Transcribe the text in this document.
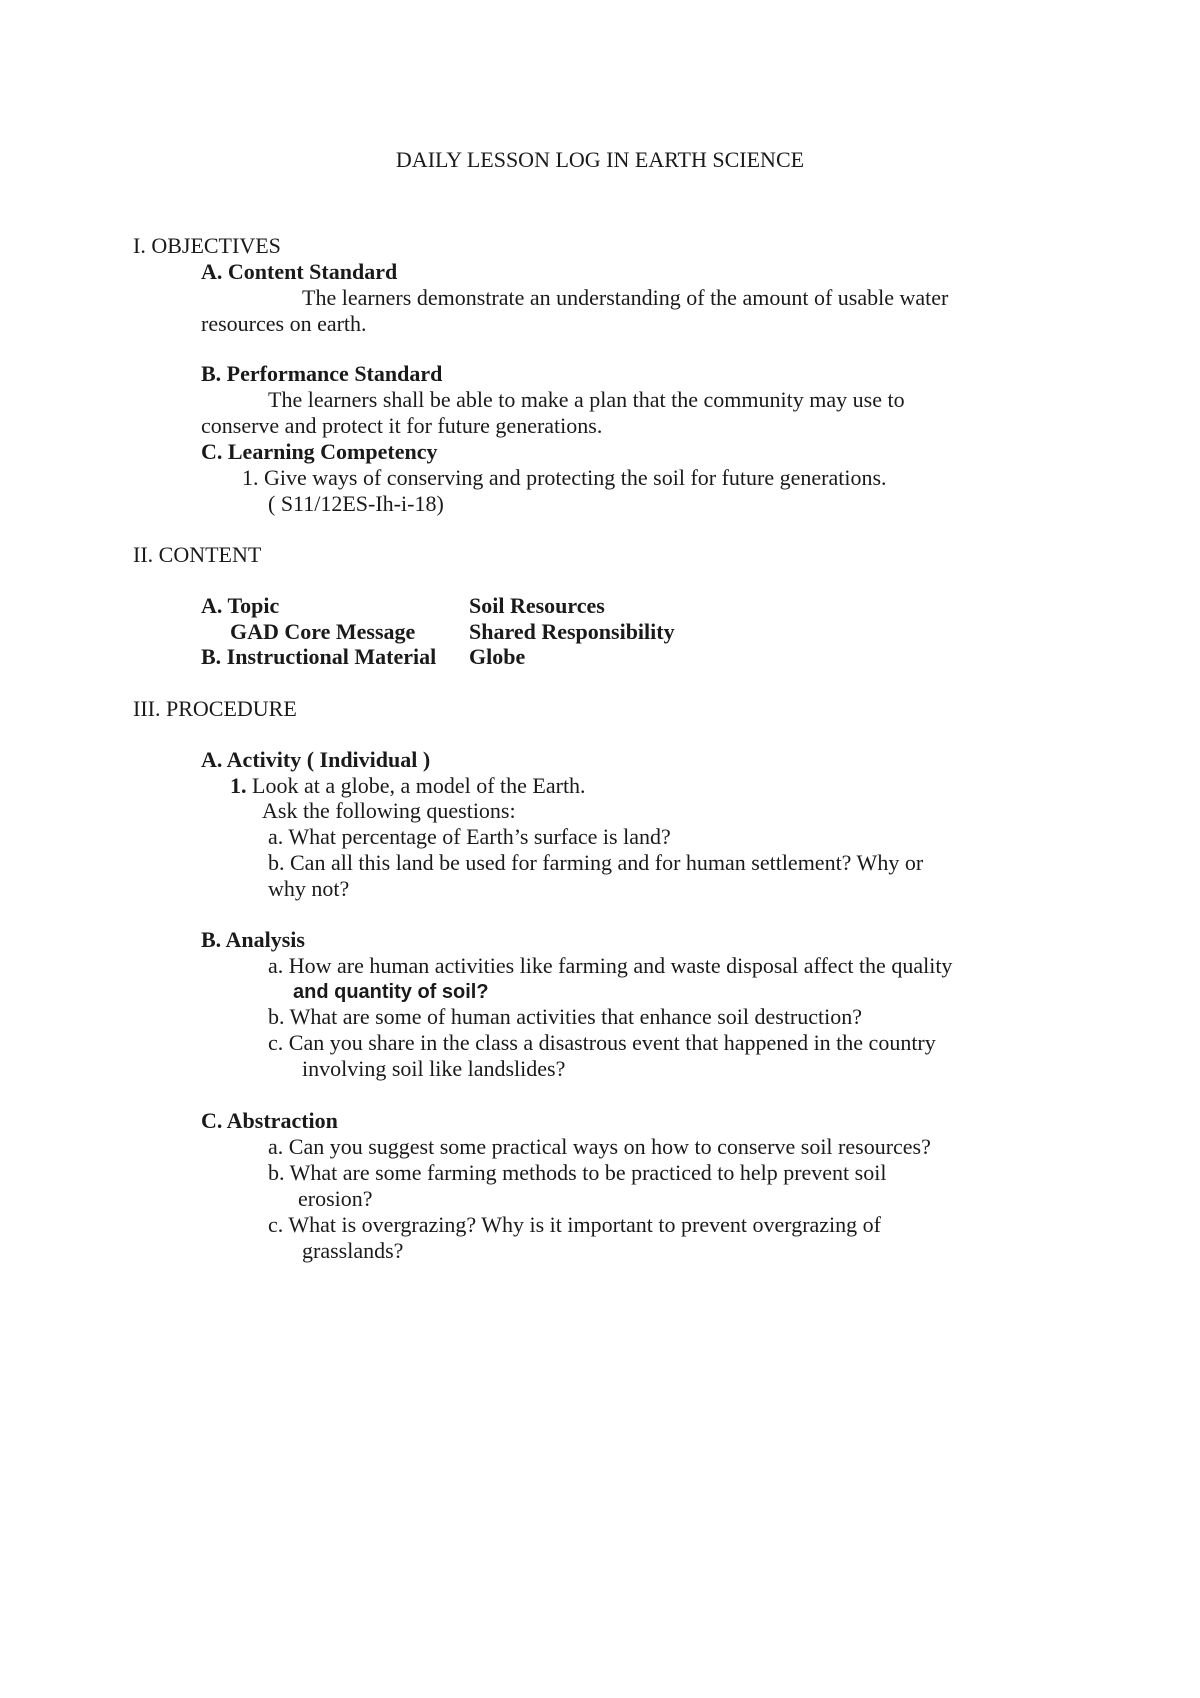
DAILY LESSON LOG IN EARTH SCIENCE
I. OBJECTIVES
A. Content Standard
The learners demonstrate an understanding of the amount of usable water
resources on earth.
B. Performance Standard
The learners shall be able to make a plan that the community may use to
conserve and protect it for future generations.
C. Learning Competency
1. Give ways of conserving and protecting the soil for future generations.
( S11/12ES-Ih-i-18)
II. CONTENT
A. Topic	Soil Resources
GAD Core Message Shared Responsibility
B. Instructional Material Globe
III. PROCEDURE
A. Activity ( Individual )
1. Look at a globe, a model of the Earth.
Ask the following questions:
a. What percentage of Earth’s surface is land?
b. Can all this land be used for farming and for human settlement? Why or
why not?
B. Analysis
a. How are human activities like farming and waste disposal affect the quality
and quantity of soil?
b. What are some of human activities that enhance soil destruction?
c. Can you share in the class a disastrous event that happened in the country
involving soil like landslides?
C. Abstraction
a. Can you suggest some practical ways on how to conserve soil resources?
b. What are some farming methods to be practiced to help prevent soil
erosion?
c. What is overgrazing? Why is it important to prevent overgrazing of
grasslands?
